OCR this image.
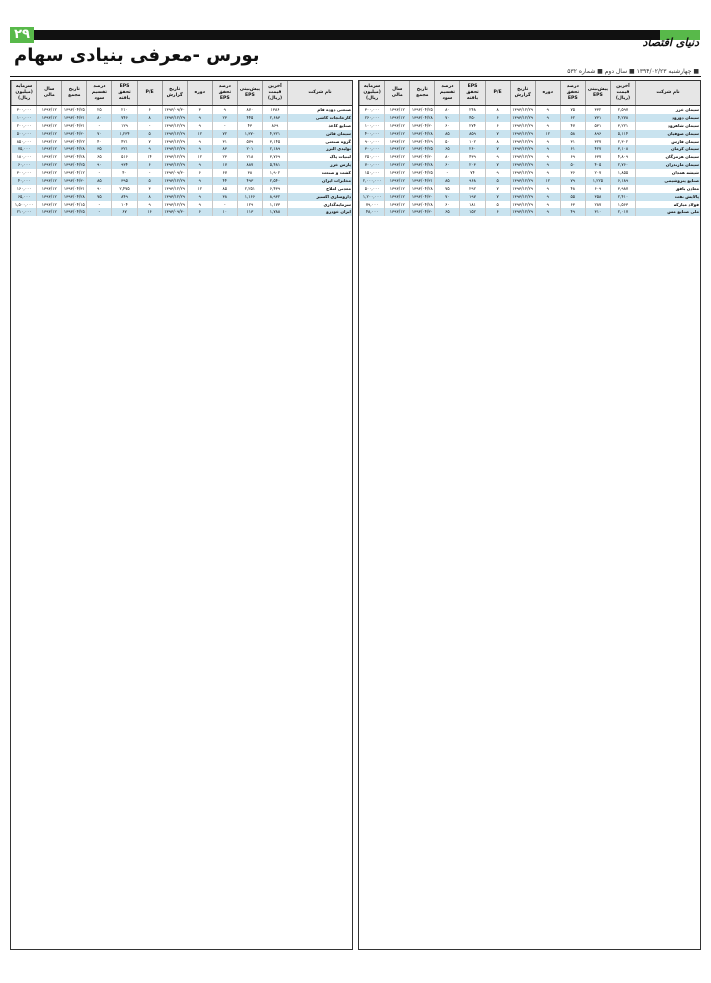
۲۹
دنیای اقتصاد
بورس -معرفی بنیادی سهام
■ چهارشنبه ۱۳۹۴/۰۲/۲۳ ■ سال دوم ■ شماره ۵۳۲
نام شرکت	آخرین قیمت (ریال)	پیش‌بینی EPS	درصد تحقق EPS	دوره	تاریخ گزارش	P/E	EPS تحقق یافته	درصد تقسیم سود	تاریخ مجمع	سال مالی	سرمایه (میلیون ریال)
صنعتی دوده فام	۱۳۸۶	۸۷۰	۹	۳	۱۳۹۳/۰۹/۳۰	۶	۲۱۰	۲۵	۱۳۹۳/۰۴/۲۵	۱۳۹۳/۱۲	۳۰۰,۰۰۰
کارخانجات کاشی	۲,۶۸۳	۴۴۵	۲۳	۹	۱۳۹۳/۱۲/۲۹	۸	۷۴۶	۸۰	۱۳۹۳/۰۴/۳۱	۱۳۹۳/۱۲	۱۰۰,۰۰۰
صنایع کاغذ	۸۶۹	۴۳	-	۹	۱۳۹۳/۱۲/۲۹	-	۱۲۹	-	۱۳۹۳/۰۴/۳۱	۱۳۹۳/۱۲	۲۰۰,۰۰۰
سیمان قائن	۴,۳۲۱	۱,۳۷۰	۷۲	۱۲	۱۳۹۳/۱۲/۲۹	۵	۱,۲۳۴	۷۰	۱۳۹۳/۰۴/۳۰	۱۳۹۳/۱۲	۵۰۰,۰۰۰
گروه صنعتی	۳,۱۴۵	۵۷۹	۳۱	۹	۱۳۹۳/۱۲/۲۹	۷	۴۲۱	۴۰	۱۳۹۳/۰۴/۲۲	۱۳۹۳/۱۲	۸۵۰,۰۰۰
تولیدی البرز	۲,۱۸۹	۲۰۱	۸۳	۹	۱۳۹۳/۱۲/۲۹	۹	۳۲۱	۳۵	۱۳۹۳/۰۴/۲۸	۱۳۹۳/۱۲	۷۵,۰۰۰
لبنیات پاک	۳,۷۶۹	۲۱۸	۲۳	۱۲	۱۳۹۳/۱۲/۲۹	۱۴	۵۱۶	۶۵	۱۳۹۳/۰۴/۲۸	۱۳۹۳/۱۲	۱۸۰,۰۰۰
پارس خزر	۵,۴۸۱	۸۸۷	۱۷	۹	۱۳۹۳/۱۲/۲۹	۶	۹۳۴	۹۰	۱۳۹۳/۰۴/۲۵	۱۳۹۳/۱۲	۶۰,۰۰۰
کشت و صنعت	۱,۹۰۲	۳۸	۶۷	۶	۱۳۹۳/۰۹/۳۰	-	۴۰	-	۱۳۹۳/۰۴/۱۲	۱۳۹۳/۱۲	۳۰۰,۰۰۰
مخابرات ایران	۲,۵۴۰	۴۹۳	۴۴	۹	۱۳۹۳/۱۲/۲۹	۵	۳۹۵	۸۵	۱۳۹۳/۰۴/۳۰	۱۳۹۳/۱۲	۴۰,۰۰۰
معدنی املاح	۶,۴۳۹	۲,۲۵۱	۸۵	۱۲	۱۳۹۳/۱۲/۲۹	۳	۲,۴۷۵	۹۰	۱۳۹۳/۰۴/۳۱	۱۳۹۳/۱۲	۱۶۰,۰۰۰
داروسازی اکسیر	۸,۹۳۲	۱,۱۶۶	۳۸	۹	۱۳۹۳/۱۲/۲۹	۸	۸۴۹	۷۵	۱۳۹۳/۰۴/۲۸	۱۳۹۳/۱۲	۶۵,۰۰۰
سرمایه‌گذاری	۱,۱۷۳	۱۲۹	-	۹	۱۳۹۳/۱۲/۲۹	۹	۱۰۴	-	۱۳۹۳/۰۴/۱۵	۱۳۹۳/۱۲	۱,۵۰۰,۰۰۰
ایران خودرو	۱,۷۸۸	۱۱۳	۱۰	۶	۱۳۹۳/۰۹/۳۰	۱۶	۶۷	-	۱۳۹۳/۰۴/۲۵	۱۳۹۳/۱۲	۲۱۰,۰۰۰
نام شرکت	آخرین قیمت (ریال)	پیش‌بینی EPS	درصد تحقق EPS	دوره	تاریخ گزارش	P/E	EPS تحقق یافته	درصد تقسیم سود	تاریخ مجمع	سال مالی	سرمایه (میلیون ریال)
سیمان خزر	۲,۵۹۷	۳۳۲	۷۵	۹	۱۳۹۳/۱۲/۲۹	۸	۲۴۸	۸۰	۱۳۹۳/۰۴/۲۵	۱۳۹۳/۱۲	۳۰۰,۰۰۰
سیمان دورود	۴,۲۷۸	۷۳۱	۶۲	۹	۱۳۹۳/۱۲/۲۹	۶	۴۵۰	۷۰	۱۳۹۳/۰۴/۲۸	۱۳۹۳/۱۲	۲۶۰,۰۰۰
سیمان شاهرود	۳,۲۲۱	۵۳۱	۴۷	۹	۱۳۹۳/۱۲/۲۹	۶	۲۷۴	۶۰	۱۳۹۳/۰۴/۳۰	۱۳۹۳/۱۲	۱۰۰,۰۰۰
سیمان صوفیان	۵,۱۱۴	۸۹۶	۵۸	۱۲	۱۳۹۳/۱۲/۲۹	۷	۸۵۹	۸۵	۱۳۹۳/۰۴/۲۸	۱۳۹۳/۱۲	۴۰۰,۰۰۰
سیمان فارس	۲,۳۰۲	۳۲۷	۳۱	۹	۱۳۹۳/۱۲/۲۹	۸	۱۰۲	۵۰	۱۳۹۳/۰۴/۲۹	۱۳۹۳/۱۲	۹۰۰,۰۰۰
سیمان کرمان	۳,۱۰۸	۴۲۷	۶۱	۹	۱۳۹۳/۱۲/۲۹	۷	۲۶۰	۶۵	۱۳۹۳/۰۴/۲۵	۱۳۹۳/۱۲	۳۰۰,۰۰۰
سیمان هرمزگان	۴,۸۰۹	۶۳۷	۶۹	۹	۱۳۹۳/۱۲/۲۹	۹	۴۳۹	۸۰	۱۳۹۳/۰۴/۳۰	۱۳۹۳/۱۲	۲۵۰,۰۰۰
سیمان مازندران	۲,۷۶۰	۴۰۵	۵۰	۹	۱۳۹۳/۱۲/۲۹	۷	۲۰۳	۶۰	۱۳۹۳/۰۴/۲۸	۱۳۹۳/۱۲	۷۰۰,۰۰۰
شیشه همدان	۱,۸۵۵	۲۰۷	۳۶	۹	۱۳۹۳/۱۲/۲۹	۹	۷۴	-	۱۳۹۳/۰۴/۲۵	۱۳۹۳/۱۲	۱۵۰,۰۰۰
صنایع پتروشیمی	۶,۱۸۹	۱,۲۲۵	۷۹	۱۲	۱۳۹۳/۱۲/۲۹	۵	۹۶۸	۸۵	۱۳۹۳/۰۴/۳۱	۱۳۹۳/۱۲	۲,۰۰۰,۰۰۰
معادن بافق	۳,۹۸۷	۶۰۹	۴۸	۹	۱۳۹۳/۱۲/۲۹	۷	۲۹۲	۷۵	۱۳۹۳/۰۴/۲۸	۱۳۹۳/۱۲	۵۰۰,۰۰۰
پالایش نفت	۲,۴۱۰	۳۵۸	۵۵	۹	۱۳۹۳/۱۲/۲۹	۷	۱۹۷	۷۰	۱۳۹۳/۰۴/۳۰	۱۳۹۳/۱۲	۱,۲۰۰,۰۰۰
فولاد مبارکه	۱,۵۶۳	۲۸۷	۶۳	۹	۱۳۹۳/۱۲/۲۹	۵	۱۸۱	۶۰	۱۳۹۳/۰۴/۲۸	۱۳۹۳/۱۲	۷۹,۰۰۰
ملی صنایع مس	۲,۰۱۷	۳۱۰	۴۹	۹	۱۳۹۳/۱۲/۲۹	۶	۱۵۲	۶۵	۱۳۹۳/۰۴/۳۰	۱۳۹۳/۱۲	۴۸,۰۰۰
